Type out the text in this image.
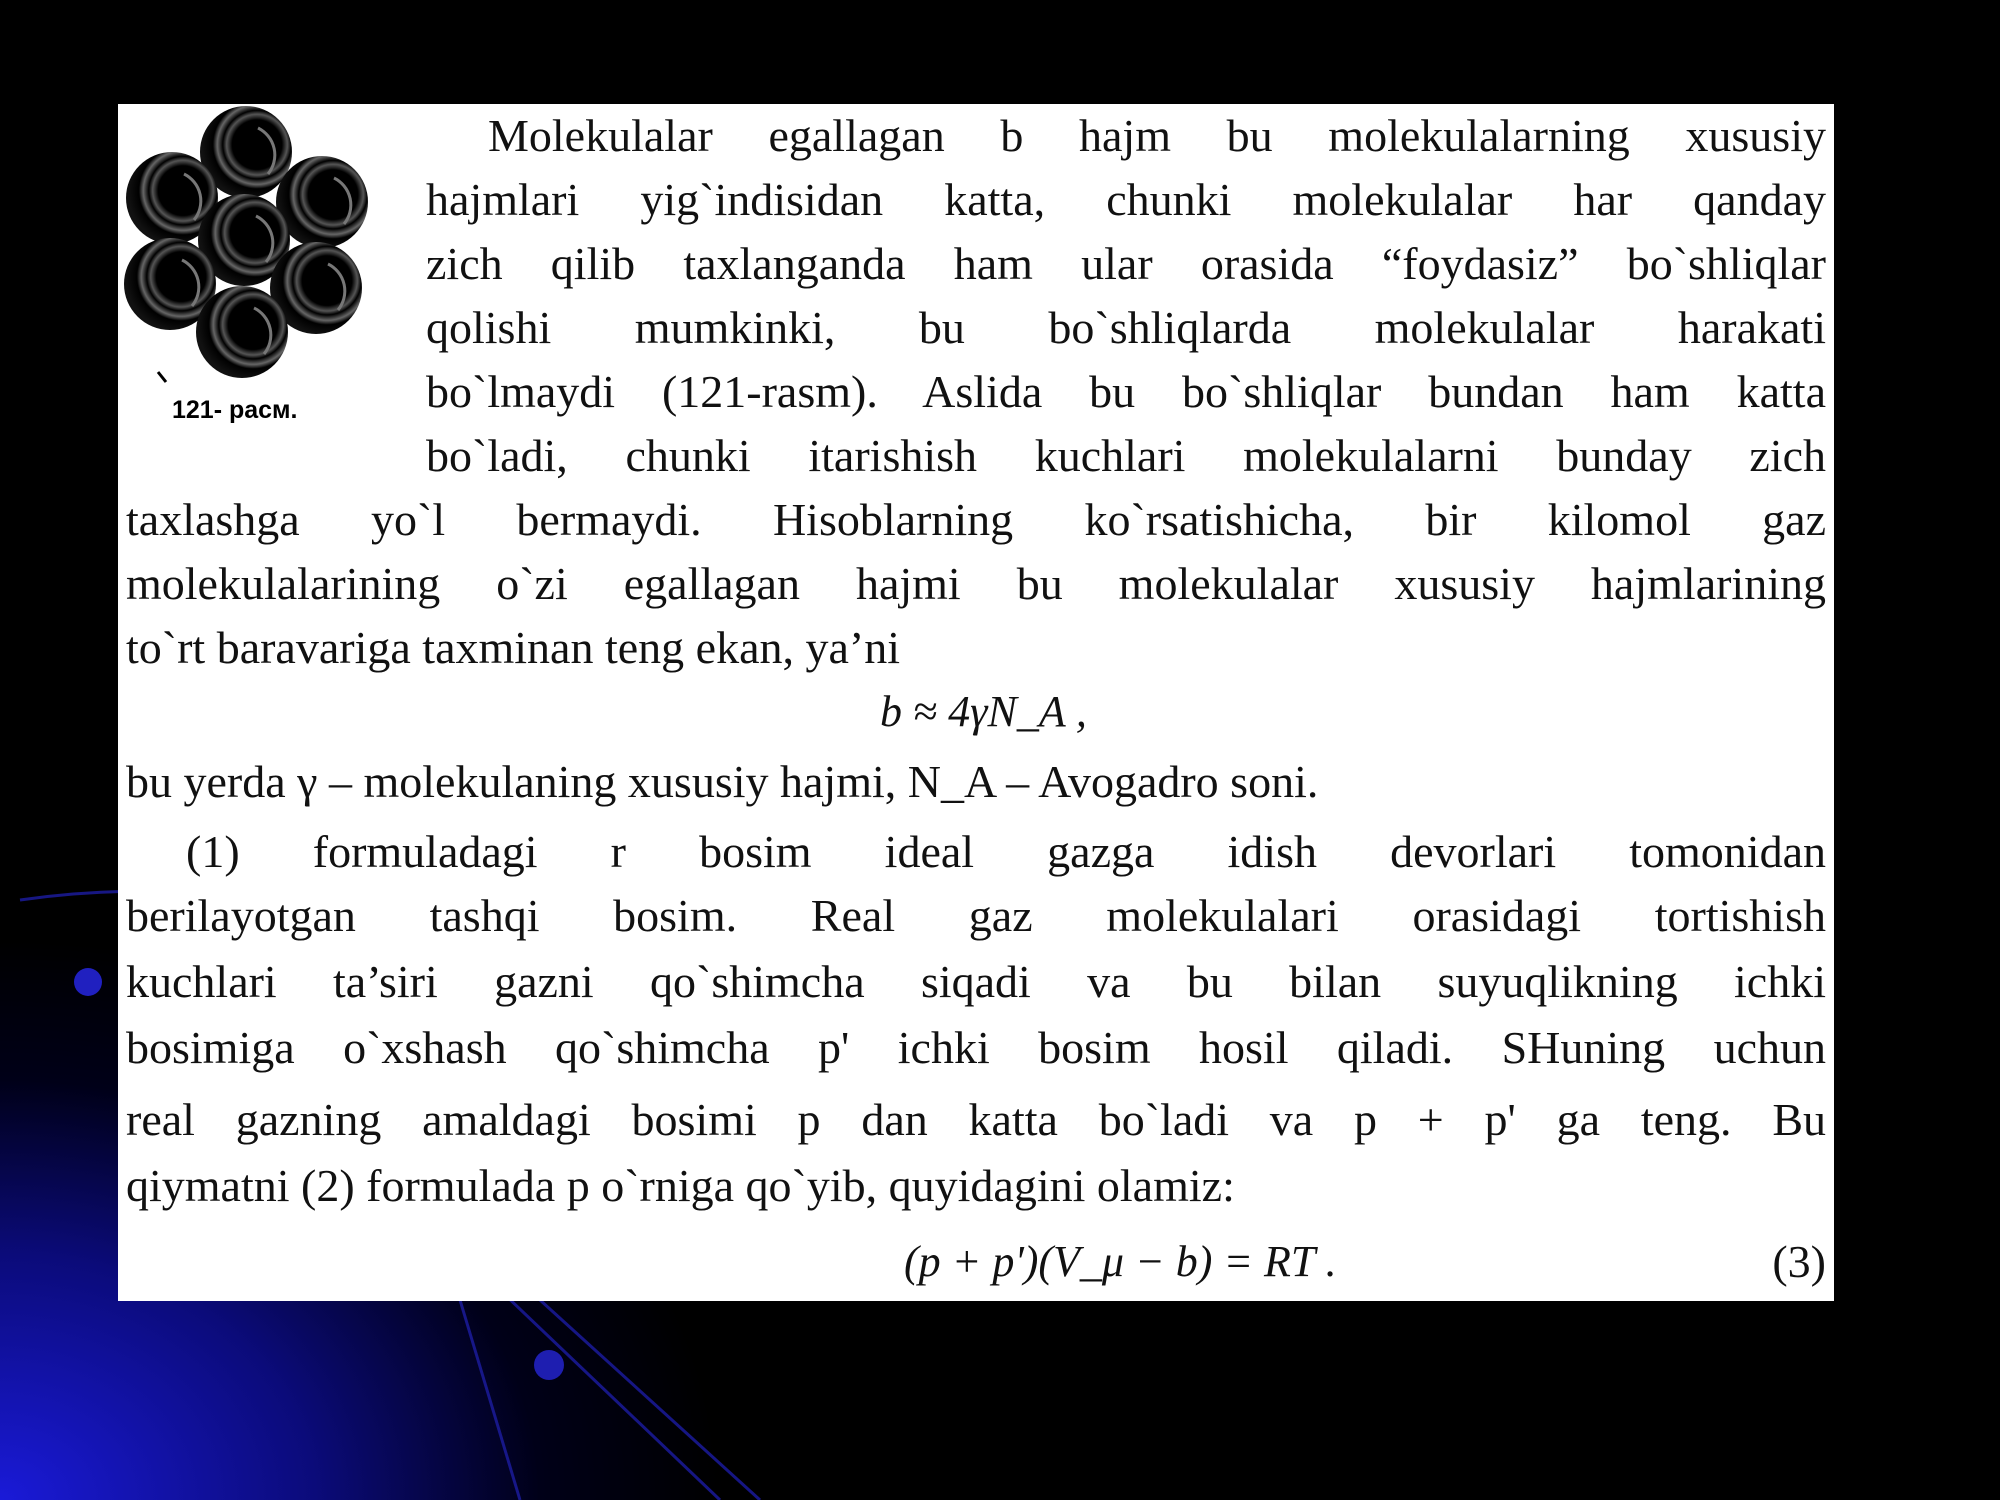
121- расм.
Molekulalar egallagan b hajm bu molekulalarning xususiy
hajmlari yig`indisidan katta, chunki molekulalar har qanday
zich qilib taxlanganda ham ular orasida “foydasiz” bo`shliqlar
qolishi mumkinki, bu bo`shliqlarda molekulalar harakati
bo`lmaydi (121-rasm). Aslida bu bo`shliqlar bundan ham katta
bo`ladi, chunki itarishish kuchlari molekulalarni bunday zich
taxlashga yo`l bermaydi. Hisoblarning ko`rsatishicha, bir kilomol gaz
molekulalarining o`zi egallagan hajmi bu molekulalar xususiy hajmlarining
to`rt baravariga taxminan teng ekan, ya’ni
b ≈ 4γN_A ,
bu yerda γ – molekulaning xususiy hajmi, N_A – Avogadro soni.
(1) formuladagi r bosim ideal gazga idish devorlari tomonidan
berilayotgan tashqi bosim. Real gaz molekulalari orasidagi tortishish
kuchlari ta’siri gazni qo`shimcha siqadi va bu bilan suyuqlikning ichki
bosimiga o`xshash qo`shimcha p' ichki bosim hosil qiladi. SHuning uchun
real gazning amaldagi bosimi p dan katta bo`ladi va p + p' ga teng. Bu
qiymatni (2) formulada p o`rniga qo`yib, quyidagini olamiz:
(p + p')(V_μ − b) = RT .	(3)
